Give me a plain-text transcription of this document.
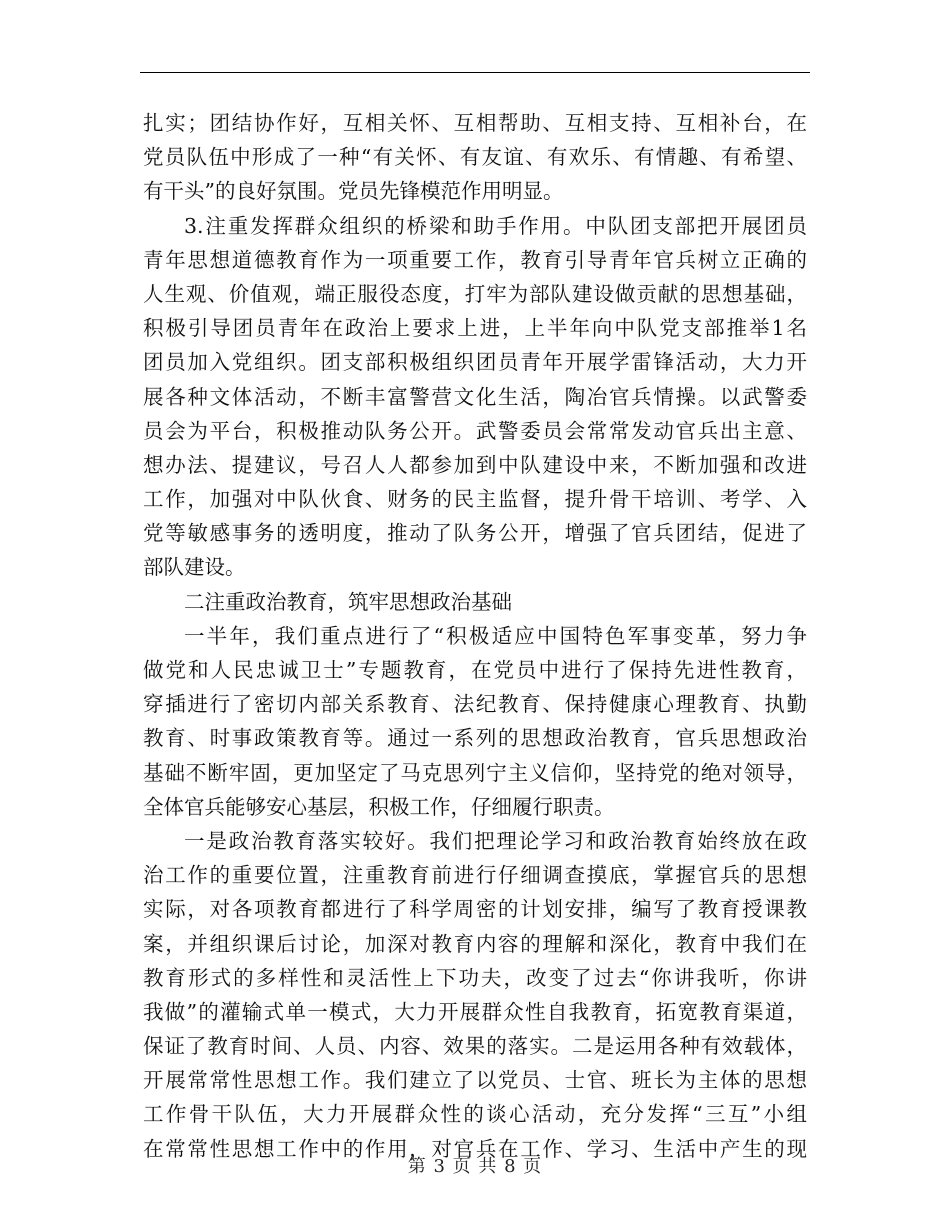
扎实；团结协作好，互相关怀、互相帮助、互相支持、互相补台，在
党员队伍中形成了一种“有关怀、有友谊、有欢乐、有情趣、有希望、
有干头”的良好氛围。党员先锋模范作用明显。
3.注重发挥群众组织的桥梁和助手作用。中队团支部把开展团员
青年思想道德教育作为一项重要工作，教育引导青年官兵树立正确的
人生观、价值观，端正服役态度，打牢为部队建设做贡献的思想基础，
积极引导团员青年在政治上要求上进，上半年向中队党支部推举1名
团员加入党组织。团支部积极组织团员青年开展学雷锋活动，大力开
展各种文体活动，不断丰富警营文化生活，陶冶官兵情操。以武警委
员会为平台，积极推动队务公开。武警委员会常常发动官兵出主意、
想办法、提建议，号召人人都参加到中队建设中来，不断加强和改进
工作，加强对中队伙食、财务的民主监督，提升骨干培训、考学、入
党等敏感事务的透明度，推动了队务公开，增强了官兵团结，促进了
部队建设。
二注重政治教育，筑牢思想政治基础
一半年，我们重点进行了“积极适应中国特色军事变革，努力争
做党和人民忠诚卫士”专题教育，在党员中进行了保持先进性教育，
穿插进行了密切内部关系教育、法纪教育、保持健康心理教育、执勤
教育、时事政策教育等。通过一系列的思想政治教育，官兵思想政治
基础不断牢固，更加坚定了马克思列宁主义信仰，坚持党的绝对领导，
全体官兵能够安心基层，积极工作，仔细履行职责。
一是政治教育落实较好。我们把理论学习和政治教育始终放在政
治工作的重要位置，注重教育前进行仔细调查摸底，掌握官兵的思想
实际，对各项教育都进行了科学周密的计划安排，编写了教育授课教
案，并组织课后讨论，加深对教育内容的理解和深化，教育中我们在
教育形式的多样性和灵活性上下功夫，改变了过去“你讲我听，你讲
我做”的灌输式单一模式，大力开展群众性自我教育，拓宽教育渠道，
保证了教育时间、人员、内容、效果的落实。二是运用各种有效载体，
开展常常性思想工作。我们建立了以党员、士官、班长为主体的思想
工作骨干队伍，大力开展群众性的谈心活动，充分发挥“三互”小组
在常常性思想工作中的作用，对官兵在工作、学习、生活中产生的现
第 3 页 共 8 页
